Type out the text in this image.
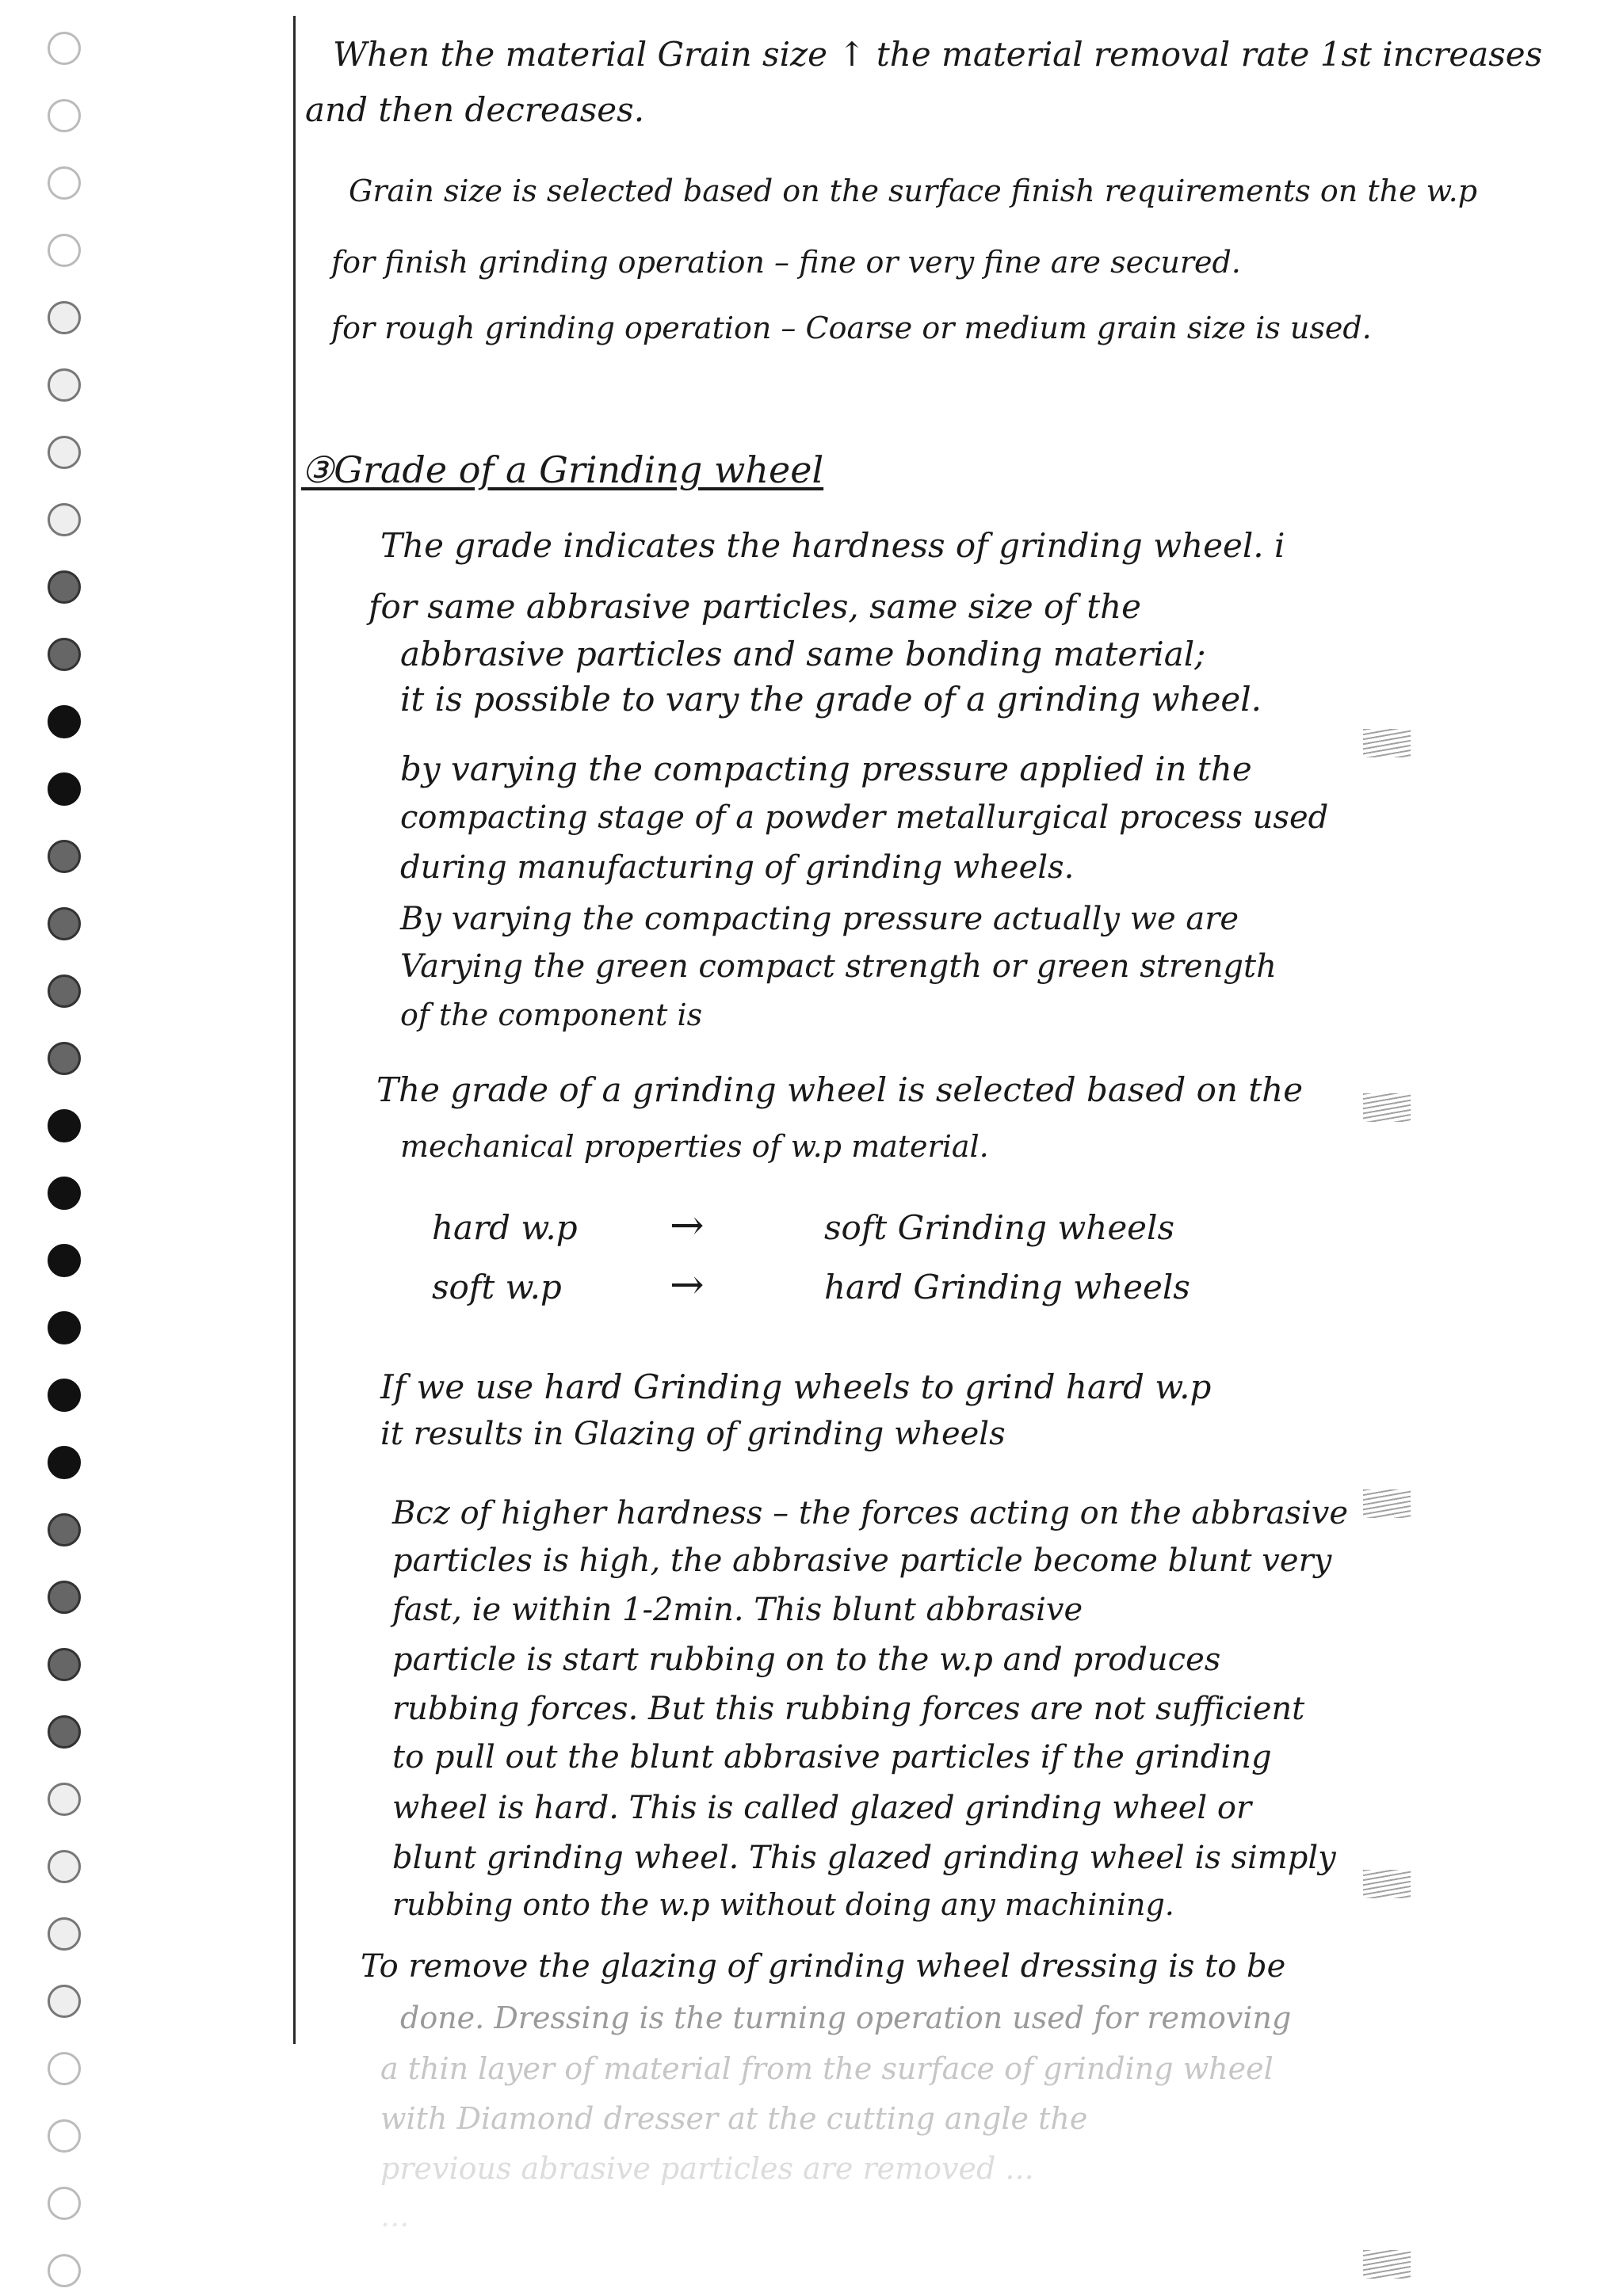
When the material Grain size ↑ the material removal rate 1st increases
and then decreases.
Grain size is selected based on the surface finish requirements on the w.p
for finish grinding operation – fine or very fine are secured.
for rough grinding operation – Coarse or medium grain size is used.
③Grade of a Grinding wheel
The grade indicates the hardness of grinding wheel. i
for same abbrasive particles, same size of the
abbrasive particles and same bonding material;
it is possible to vary the grade of a grinding wheel.
by varying the compacting pressure applied in the
compacting stage of a powder metallurgical process used
during manufacturing of grinding wheels.
By varying the compacting pressure actually we are
Varying the green compact strength or green strength
of the component is
The grade of a grinding wheel is selected based on the
mechanical properties of w.p material.
hard w.p →	soft Grinding wheels
soft w.p	→	hard Grinding wheels
If we use hard Grinding wheels to grind hard w.p
it results in Glazing of grinding wheels
Bcz of higher hardness – the forces acting on the abbrasive
particles is high, the abbrasive particle become blunt very
fast, ie within 1-2min. This blunt abbrasive
particle is start rubbing on to the w.p and produces
rubbing forces. But this rubbing forces are not sufficient
to pull out the blunt abbrasive particles if the grinding
wheel is hard. This is called glazed grinding wheel or
blunt grinding wheel. This glazed grinding wheel is simply
rubbing onto the w.p without doing any machining.
To remove the glazing of grinding wheel dressing is to be
done. Dressing is the turning operation used for removing
a thin layer of material from the surface of grinding wheel
with Diamond dresser at the cutting angle the
previous abrasive particles are removed ...
...
